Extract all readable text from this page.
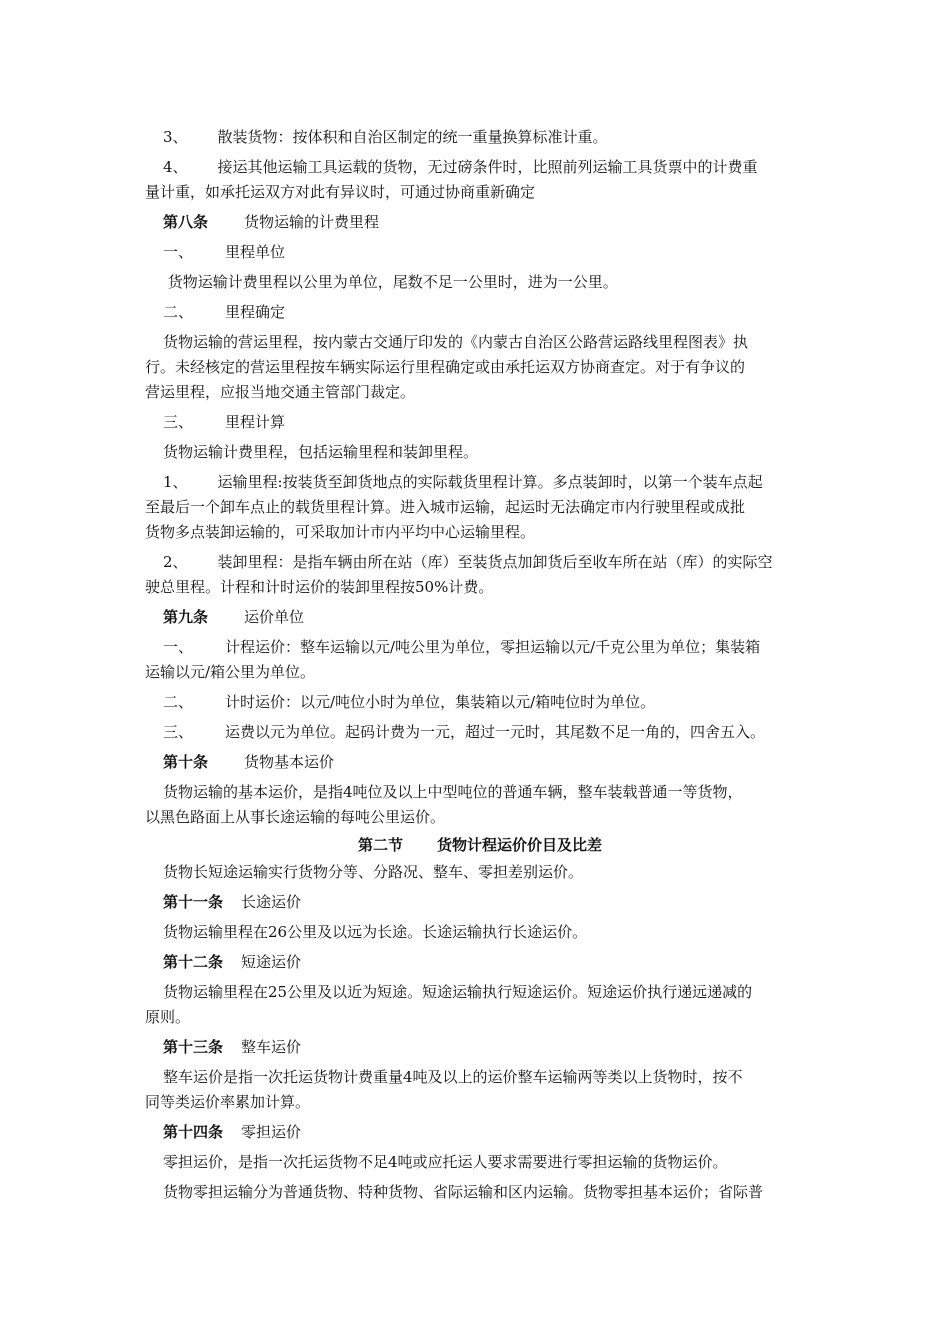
3、 散装货物：按体积和自治区制定的统一重量换算标准计重。
4、 接运其他运输工具运载的货物，无过磅条件时，比照前列运输工具货票中的计费重
量计重，如承托运双方对此有异议时，可通过协商重新确定
第八条 货物运输的计费里程
一、 里程单位
货物运输计费里程以公里为单位，尾数不足一公里时，进为一公里。
二、 里程确定
货物运输的营运里程，按内蒙古交通厅印发的《内蒙古自治区公路营运路线里程图表》执
行。未经核定的营运里程按车辆实际运行里程确定或由承托运双方协商查定。对于有争议的
营运里程，应报当地交通主管部门裁定。
三、 里程计算
货物运输计费里程，包括运输里程和装卸里程。
1、 运输里程:按装货至卸货地点的实际载货里程计算。多点装卸时，以第一个装车点起
至最后一个卸车点止的载货里程计算。进入城市运输，起运时无法确定市内行驶里程或成批
货物多点装卸运输的，可采取加计市内平均中心运输里程。
2、 装卸里程：是指车辆由所在站（库）至装货点加卸货后至收车所在站（库）的实际空
驶总里程。计程和计时运价的装卸里程按50%计费。
第九条 运价单位
一、 计程运价：整车运输以元/吨公里为单位，零担运输以元/千克公里为单位；集装箱
运输以元/箱公里为单位。
二、 计时运价：以元/吨位小时为单位，集装箱以元/箱吨位时为单位。
三、 运费以元为单位。起码计费为一元，超过一元时，其尾数不足一角的，四舍五入。
第十条 货物基本运价
货物运输的基本运价，是指4吨位及以上中型吨位的普通车辆，整车装载普通一等货物，
以黑色路面上从事长途运输的每吨公里运价。
第二节 货物计程运价价目及比差
货物长短途运输实行货物分等、分路况、整车、零担差别运价。
第十一条 长途运价
货物运输里程在26公里及以远为长途。长途运输执行长途运价。
第十二条 短途运价
货物运输里程在25公里及以近为短途。短途运输执行短途运价。短途运价执行递远递减的
原则。
第十三条 整车运价
整车运价是指一次托运货物计费重量4吨及以上的运价整车运输两等类以上货物时，按不
同等类运价率累加计算。
第十四条 零担运价
零担运价，是指一次托运货物不足4吨或应托运人要求需要进行零担运输的货物运价。
货物零担运输分为普通货物、特种货物、省际运输和区内运输。货物零担基本运价；省际普
